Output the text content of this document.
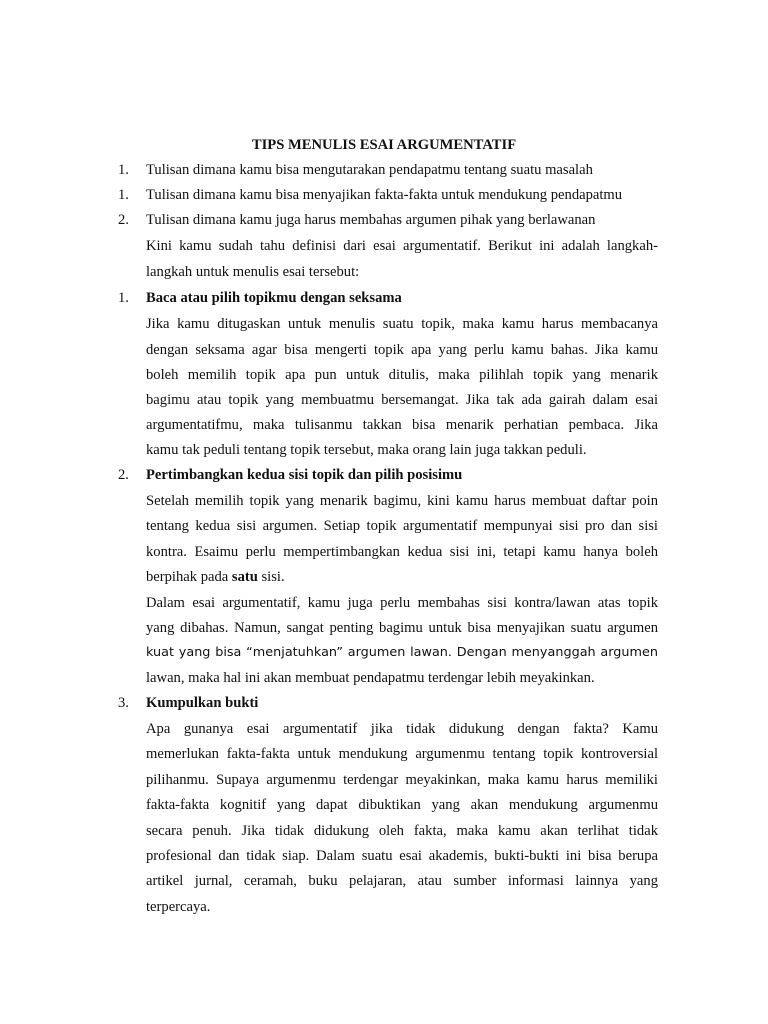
TIPS MENULIS ESAI ARGUMENTATIF
1.	Tulisan dimana kamu bisa mengutarakan pendapatmu tentang suatu masalah
1.	Tulisan dimana kamu bisa menyajikan fakta-fakta untuk mendukung pendapatmu
2.	Tulisan dimana kamu juga harus membahas argumen pihak yang berlawanan
Kini kamu sudah tahu definisi dari esai argumentatif. Berikut ini adalah langkah-
langkah untuk menulis esai tersebut:
1.	Baca atau pilih topikmu dengan seksama
Jika kamu ditugaskan untuk menulis suatu topik, maka kamu harus membacanya
dengan seksama agar bisa mengerti topik apa yang perlu kamu bahas. Jika kamu
boleh memilih topik apa pun untuk ditulis, maka pilihlah topik yang menarik
bagimu atau topik yang membuatmu bersemangat. Jika tak ada gairah dalam esai
argumentatifmu, maka tulisanmu takkan bisa menarik perhatian pembaca. Jika
kamu tak peduli tentang topik tersebut, maka orang lain juga takkan peduli.
2.	Pertimbangkan kedua sisi topik dan pilih posisimu
Setelah memilih topik yang menarik bagimu, kini kamu harus membuat daftar poin
tentang kedua sisi argumen. Setiap topik argumentatif mempunyai sisi pro dan sisi
kontra. Esaimu perlu mempertimbangkan kedua sisi ini, tetapi kamu hanya boleh
berpihak pada satu sisi.
Dalam esai argumentatif, kamu juga perlu membahas sisi kontra/lawan atas topik
yang dibahas. Namun, sangat penting bagimu untuk bisa menyajikan suatu argumen
kuat yang bisa “menjatuhkan” argumen lawan. Dengan menyanggah argumen
lawan, maka hal ini akan membuat pendapatmu terdengar lebih meyakinkan.
3.	Kumpulkan bukti
Apa gunanya esai argumentatif jika tidak didukung dengan fakta? Kamu
memerlukan fakta-fakta untuk mendukung argumenmu tentang topik kontroversial
pilihanmu. Supaya argumenmu terdengar meyakinkan, maka kamu harus memiliki
fakta-fakta kognitif yang dapat dibuktikan yang akan mendukung argumenmu
secara penuh. Jika tidak didukung oleh fakta, maka kamu akan terlihat tidak
profesional dan tidak siap. Dalam suatu esai akademis, bukti-bukti ini bisa berupa
artikel jurnal, ceramah, buku pelajaran, atau sumber informasi lainnya yang
terpercaya.
